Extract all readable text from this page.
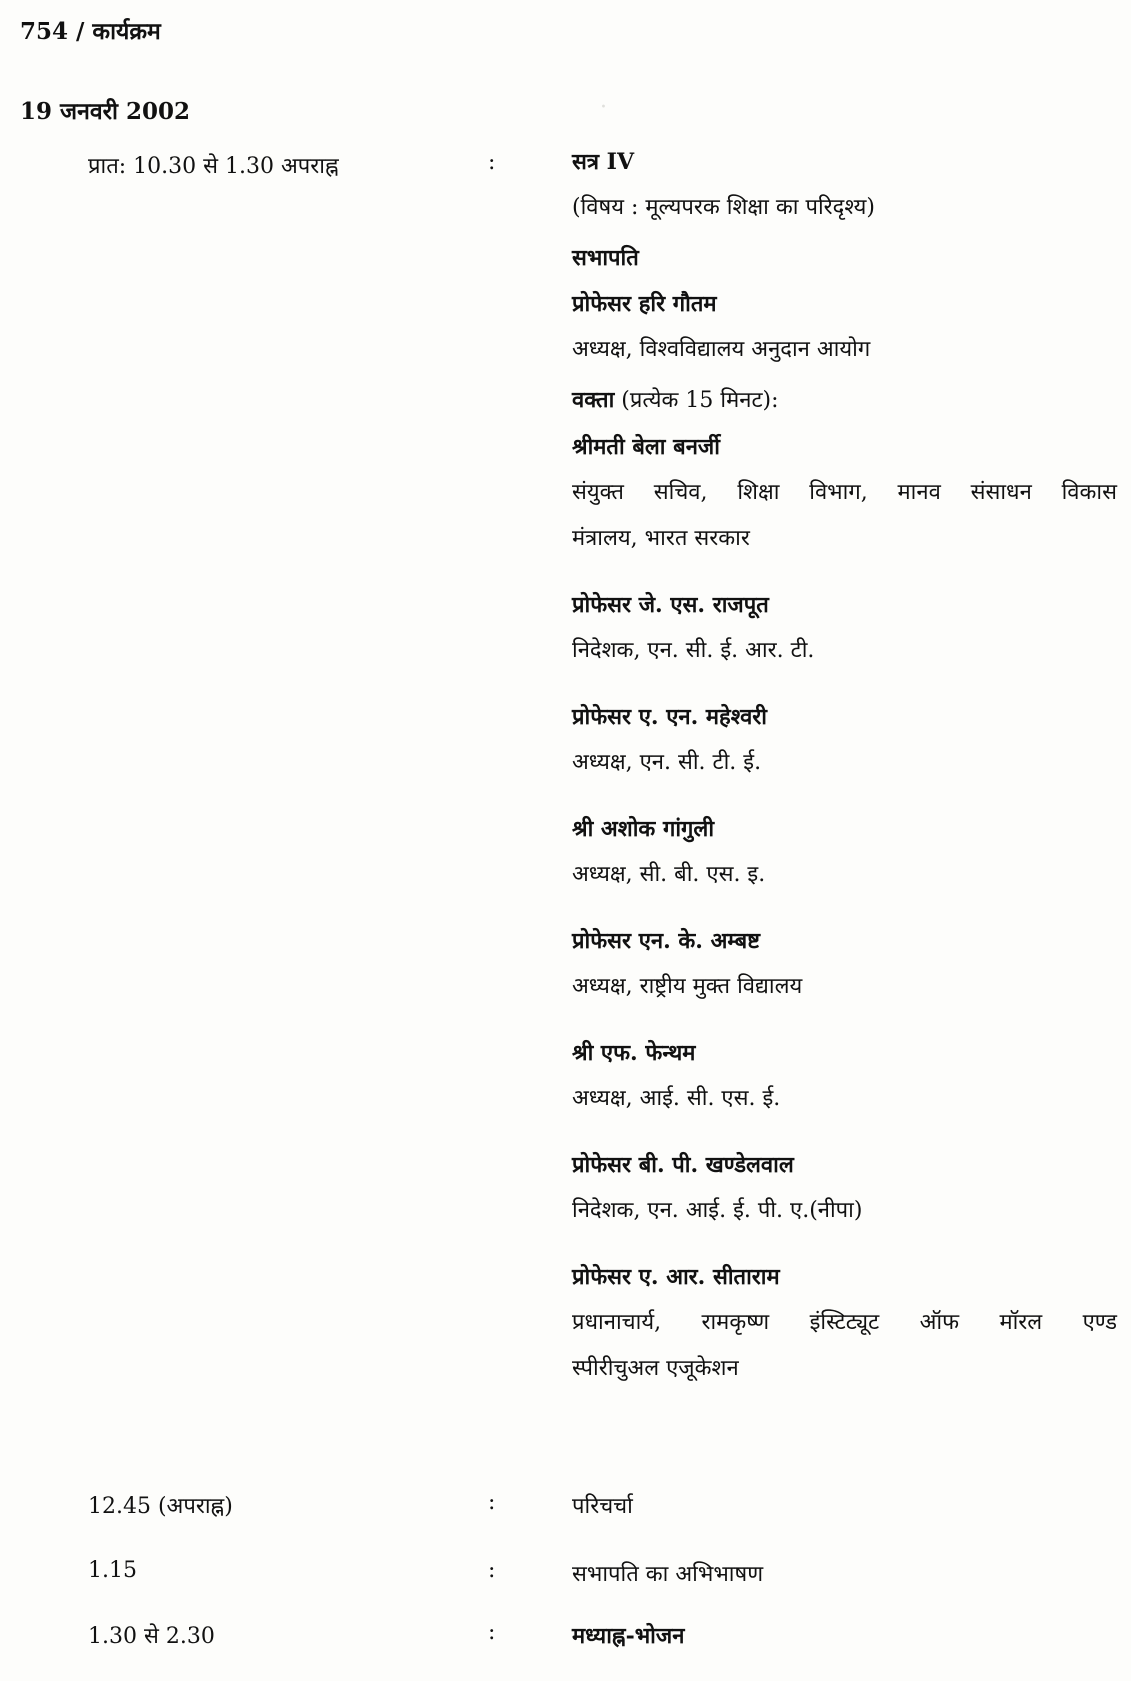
·
754 / कार्यक्रम
19 जनवरी 2002
प्रात: 10.30 से 1.30 अपराह्न	:	सत्र IV
(विषय : मूल्यपरक शिक्षा का परिदृश्य)
सभापति
प्रोफेसर हरि गौतम
अध्यक्ष, विश्वविद्यालय अनुदान आयोग
वक्ता (प्रत्येक 15 मिनट):
श्रीमती बेला बनर्जी
संयुक्त सचिव, शिक्षा विभाग, मानव संसाधन विकास
मंत्रालय, भारत सरकार
प्रोफेसर जे. एस. राजपूत
निदेशक, एन. सी. ई. आर. टी.
प्रोफेसर ए. एन. महेश्वरी
अध्यक्ष, एन. सी. टी. ई.
श्री अशोक गांगुली
अध्यक्ष, सी. बी. एस. इ.
प्रोफेसर एन. के. अम्बष्ट
अध्यक्ष, राष्ट्रीय मुक्त विद्यालय
श्री एफ. फेन्थम
अध्यक्ष, आई. सी. एस. ई.
प्रोफेसर बी. पी. खण्डेलवाल
निदेशक, एन. आई. ई. पी. ए.(नीपा)
प्रोफेसर ए. आर. सीताराम
प्रधानाचार्य, रामकृष्ण इंस्टिट्यूट ऑफ मॉरल एण्ड
स्पीरीचुअल एजूकेशन
12.45 (अपराह्न)	:	परिचर्चा
1.15	:	सभापति का अभिभाषण
1.30 से 2.30	:	मध्याह्न-भोजन
